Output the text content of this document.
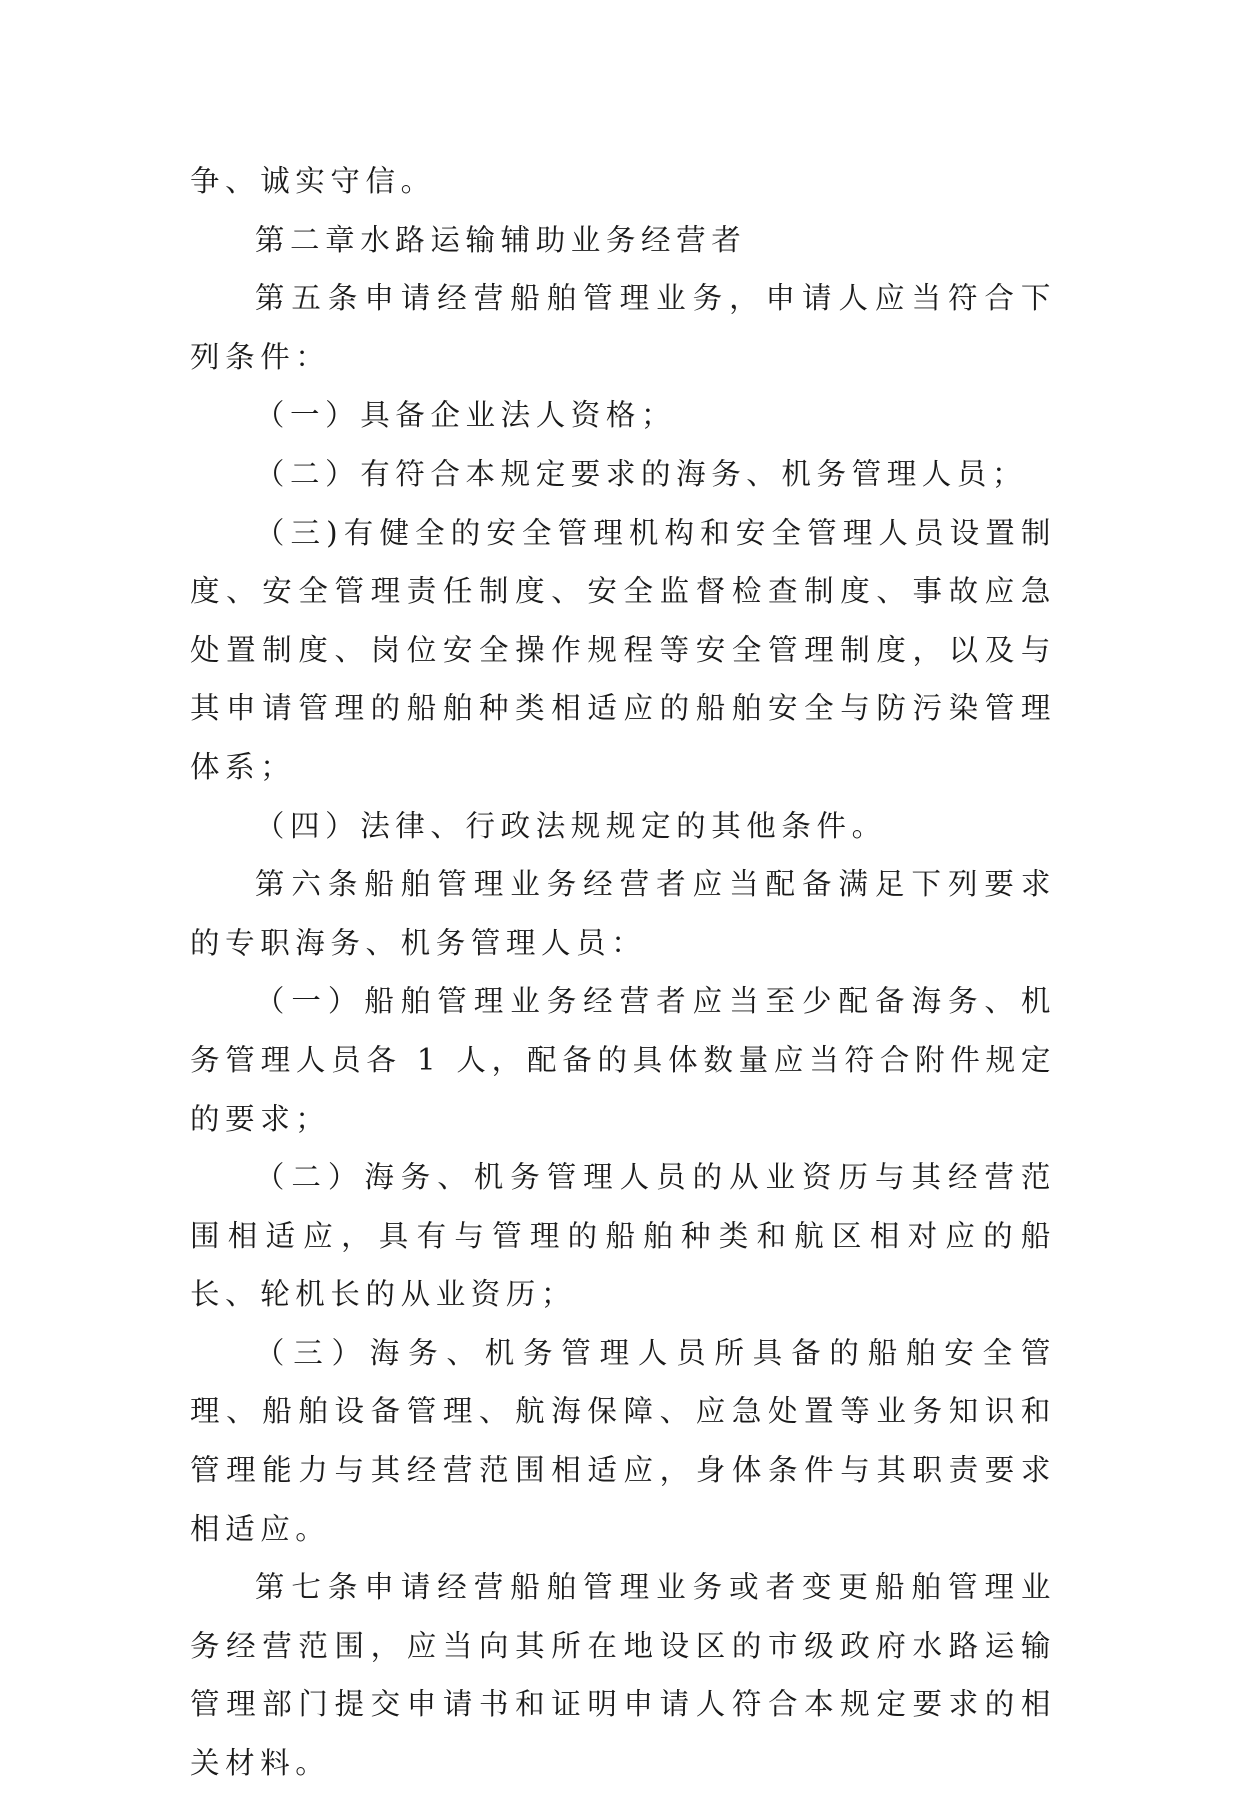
争、诚实守信。

第二章水路运输辅助业务经营者

第五条申请经营船舶管理业务，申请人应当符合下列条件：

（一）具备企业法人资格；

（二）有符合本规定要求的海务、机务管理人员；

（三)有健全的安全管理机构和安全管理人员设置制度、安全管理责任制度、安全监督检查制度、事故应急处置制度、岗位安全操作规程等安全管理制度，以及与其申请管理的船舶种类相适应的船舶安全与防污染管理体系；

（四）法律、行政法规规定的其他条件。

第六条船舶管理业务经营者应当配备满足下列要求的专职海务、机务管理人员：

（一）船舶管理业务经营者应当至少配备海务、机务管理人员各 1 人，配备的具体数量应当符合附件规定的要求；

（二）海务、机务管理人员的从业资历与其经营范围相适应，具有与管理的船舶种类和航区相对应的船长、轮机长的从业资历；

（三）海务、机务管理人员所具备的船舶安全管理、船舶设备管理、航海保障、应急处置等业务知识和管理能力与其经营范围相适应，身体条件与其职责要求相适应。

第七条申请经营船舶管理业务或者变更船舶管理业务经营范围，应当向其所在地设区的市级政府水路运输管理部门提交申请书和证明申请人符合本规定要求的相关材料。
